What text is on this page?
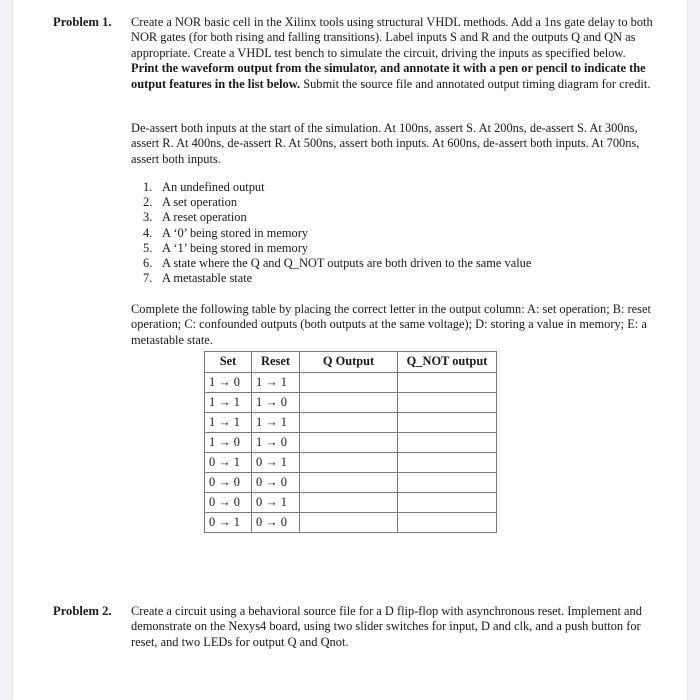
Problem 1. Create a NOR basic cell in the Xilinx tools using structural VHDL methods. Add a 1ns gate delay to both NOR gates (for both rising and falling transitions). Label inputs S and R and the outputs Q and QN as appropriate. Create a VHDL test bench to simulate the circuit, driving the inputs as specified below. Print the waveform output from the simulator, and annotate it with a pen or pencil to indicate the output features in the list below. Submit the source file and annotated output timing diagram for credit.

De-assert both inputs at the start of the simulation. At 100ns, assert S. At 200ns, de-assert S. At 300ns, assert R. At 400ns, de-assert R. At 500ns, assert both inputs. At 600ns, de-assert both inputs. At 700ns, assert both inputs.

1. An undefined output
2. A set operation
3. A reset operation
4. A ‘0’ being stored in memory
5. A ‘1’ being stored in memory
6. A state where the Q and Q_NOT outputs are both driven to the same value
7. A metastable state

Complete the following table by placing the correct letter in the output column: A: set operation; B: reset operation; C: confounded outputs (both outputs at the same voltage); D: storing a value in memory; E: a metastable state.

Set	Reset	Q Output	Q_NOT output
1 → 0	1 → 1		
1 → 1	1 → 0		
1 → 1	1 → 1		
1 → 0	1 → 0		
0 → 1	0 → 1		
0 → 0	0 → 0		
0 → 0	0 → 1		
0 → 1	0 → 0		
Problem 2. Create a circuit using a behavioral source file for a D flip-flop with asynchronous reset. Implement and demonstrate on the Nexys4 board, using two slider switches for input, D and clk, and a push button for reset, and two LEDs for output Q and Qnot.
